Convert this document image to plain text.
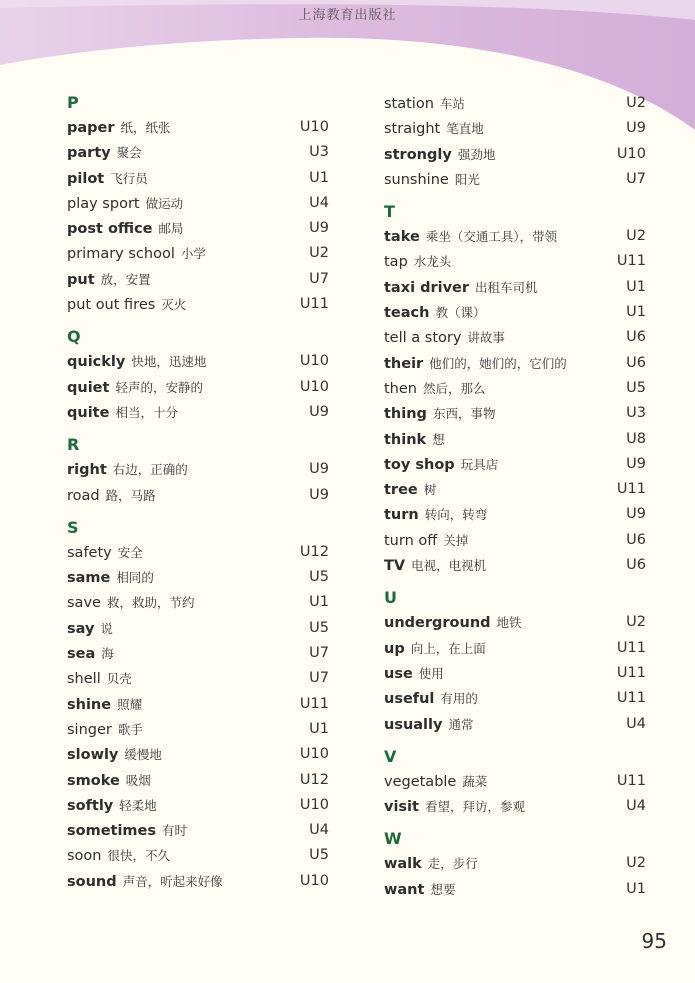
上海教育出版社
P
paper 纸，纸张	U10
party 聚会	U3
pilot 飞行员	U1
play sport 做运动	U4
post office 邮局	U9
primary school 小学	U2
put 放，安置	U7
put out fires 灭火	U11
Q
quickly 快地，迅速地	U10
quiet 轻声的，安静的	U10
quite 相当，十分	U9
R
right 右边，正确的	U9
road 路，马路	U9
S
safety 安全	U12
same 相同的	U5
save 救，救助，节约	U1
say 说	U5
sea 海	U7
shell 贝壳	U7
shine 照耀	U11
singer 歌手	U1
slowly 缓慢地	U10
smoke 吸烟	U12
softly 轻柔地	U10
sometimes 有时	U4
soon 很快，不久	U5
sound 声音，听起来好像	U10
station 车站	U2
straight 笔直地	U9
strongly 强劲地	U10
sunshine 阳光	U7
T
take 乘坐（交通工具），带领	U2
tap 水龙头	U11
taxi driver 出租车司机	U1
teach 教（课）	U1
tell a story 讲故事	U6
their 他们的，她们的，它们的	U6
then 然后，那么	U5
thing 东西，事物	U3
think 想	U8
toy shop 玩具店	U9
tree 树	U11
turn 转向，转弯	U9
turn off 关掉	U6
TV 电视，电视机	U6
U
underground 地铁	U2
up 向上，在上面	U11
use 使用	U11
useful 有用的	U11
usually 通常	U4
V
vegetable 蔬菜	U11
visit 看望，拜访，参观	U4
W
walk 走，步行	U2
want 想要	U1
95
